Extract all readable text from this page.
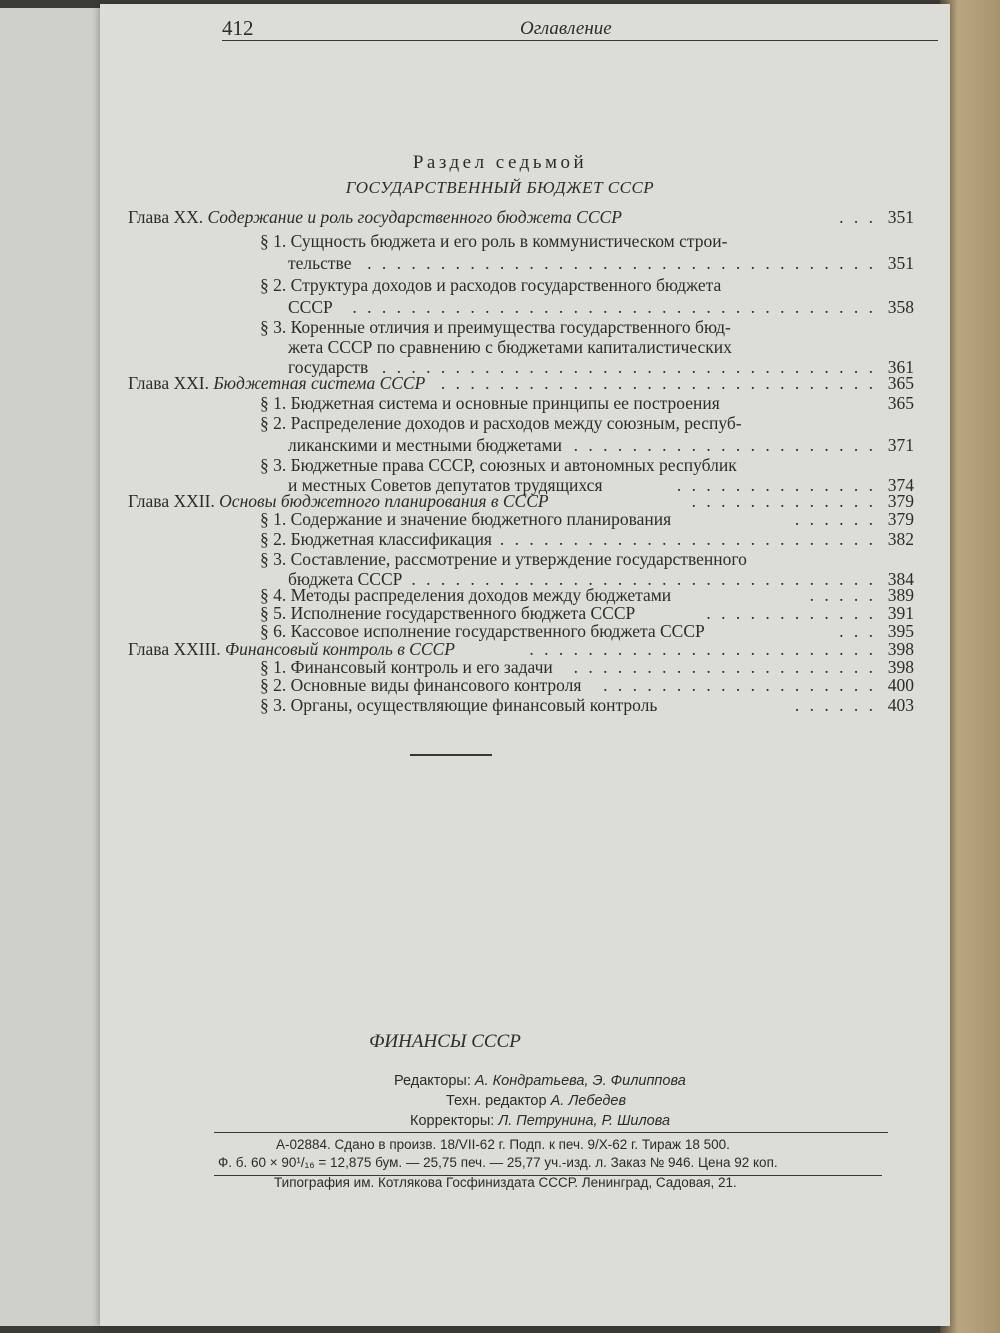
412	Оглавление
Раздел седьмой
ГОСУДАРСТВЕННЫЙ БЮДЖЕТ СССР
Глава XX. Содержание и роль государственного бюджета СССР	. . . 351
§ 1. Сущность бюджета и его роль в коммунистическом строи-
тельстве . . . . . . . . . . . . . . . . . . . . . . . . . . . . . . . . . . . 351
§ 2. Структура доходов и расходов государственного бюджета
СССР . . . . . . . . . . . . . . . . . . . . . . . . . . . . . . . . . . . . 358
§ 3. Коренные отличия и преимущества государственного бюд-
жета СССР по сравнению с бюджетами капиталистических
государств . . . . . . . . . . . . . . . . . . . . . . . . . . . . . . . . . . 361
Глава XXI. Бюджетная система СССР . . . . . . . . . . . . . . . . . . . . . . . . . . . . . . 365
§ 1. Бюджетная система и основные принципы ее построения	365
§ 2. Распределение доходов и расходов между союзным, респуб-
ликанскими и местными бюджетами . . . . . . . . . . . . . . . . . . . . . 371
§ 3. Бюджетные права СССР, союзных и автономных республик
и местных Советов депутатов трудящихся	. . . . . . . . . . . . . . 374
Глава XXII. Основы бюджетного планирования в СССР	. . . . . . . . . . . . . 379
§ 1. Содержание и значение бюджетного планирования	. . . . . . 379
§ 2. Бюджетная классификация . . . . . . . . . . . . . . . . . . . . . . . . . . 382
§ 3. Составление, рассмотрение и утверждение государственного
бюджета СССР . . . . . . . . . . . . . . . . . . . . . . . . . . . . . . . . 384
§ 4. Методы распределения доходов между бюджетами	. . . . . 389
§ 5. Исполнение государственного бюджета СССР	. . . . . . . . . . . . 391
§ 6. Кассовое исполнение государственного бюджета СССР	. . . 395
Глава XXIII. Финансовый контроль в СССР	. . . . . . . . . . . . . . . . . . . . . . . . 398
§ 1. Финансовый контроль и его задачи . . . . . . . . . . . . . . . . . . . . . 398
§ 2. Основные виды финансового контроля . . . . . . . . . . . . . . . . . . . 400
§ 3. Органы, осуществляющие финансовый контроль	. . . . . . 403
ФИНАНСЫ СССР
Редакторы: А. Кондратьева, Э. Филиппова
Техн. редактор А. Лебедев
Корректоры: Л. Петрунина, Р. Шилова
А-02884. Сдано в произв. 18/VII-62 г. Подп. к печ. 9/X-62 г. Тираж 18 500.
Ф. б. 60 × 90¹/₁₆ = 12,875 бум. — 25,75 печ. — 25,77 уч.-изд. л. Заказ № 946. Цена 92 коп.
Типография им. Котлякова Госфиниздата СССР. Ленинград, Садовая, 21.
